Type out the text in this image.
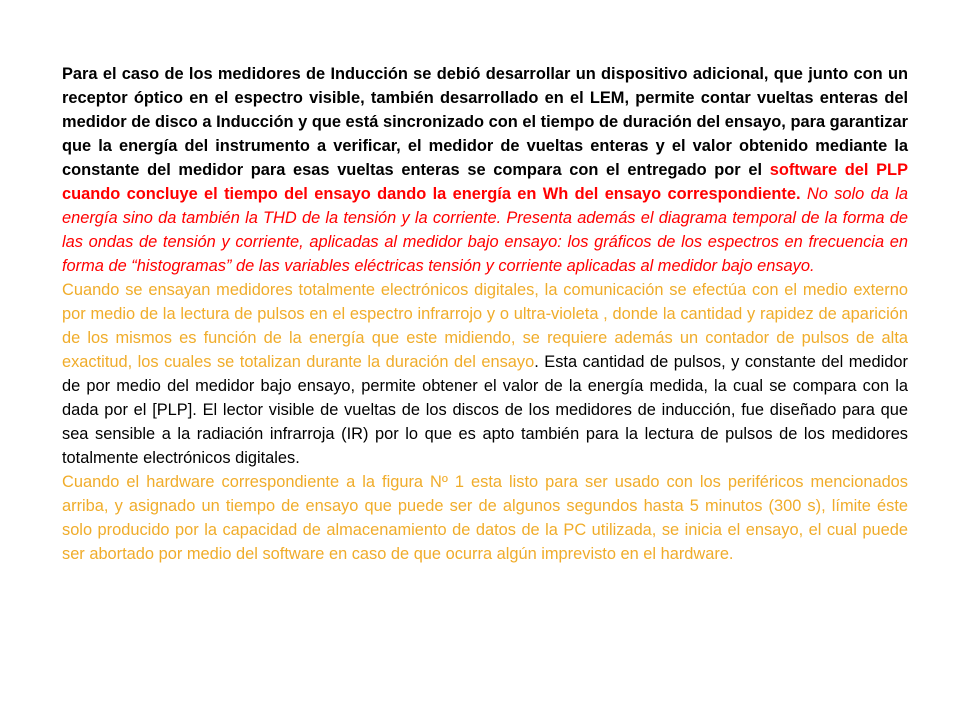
Para el caso de los medidores de Inducción se debió desarrollar un dispositivo adicional, que junto con un receptor óptico en el espectro visible, también desarrollado en el LEM, permite contar vueltas enteras del medidor de disco a Inducción y que está sincronizado con el tiempo de duración del ensayo, para garantizar que la energía del instrumento a verificar, el medidor de vueltas enteras y el valor obtenido mediante la constante del medidor para esas vueltas enteras se compara con el entregado por el software del PLP cuando concluye el tiempo del ensayo dando la energía en Wh del ensayo correspondiente. No solo da la energía sino da también la THD de la tensión y la corriente. Presenta además el diagrama temporal de la forma de las ondas de tensión y corriente, aplicadas al medidor bajo ensayo: los gráficos de los espectros en frecuencia en forma de “histogramas” de las variables eléctricas tensión y corriente aplicadas al medidor bajo ensayo.

Cuando se ensayan medidores totalmente electrónicos digitales, la comunicación se efectúa con el medio externo por medio de la lectura de pulsos en el espectro infrarrojo y o ultra-violeta , donde la cantidad y rapidez de aparición de los mismos es función de la energía que este midiendo, se requiere además un contador de pulsos de alta exactitud, los cuales se totalizan durante la duración del ensayo. Esta cantidad de pulsos, y constante del medidor de por medio del medidor bajo ensayo, permite obtener el valor de la energía medida, la cual se compara con la dada por el [PLP]. El lector visible de vueltas de los discos de los medidores de inducción, fue diseñado para que sea sensible a la radiación infrarroja (IR) por lo que es apto también para la lectura de pulsos de los medidores totalmente electrónicos digitales.

Cuando el hardware correspondiente a la figura Nº 1 esta listo para ser usado con los periféricos mencionados arriba, y asignado un tiempo de ensayo que puede ser de algunos segundos hasta 5 minutos (300 s), límite éste solo producido por la capacidad de almacenamiento de datos de la PC utilizada, se inicia el ensayo, el cual puede ser abortado por medio del software en caso de que ocurra algún imprevisto en el hardware.
